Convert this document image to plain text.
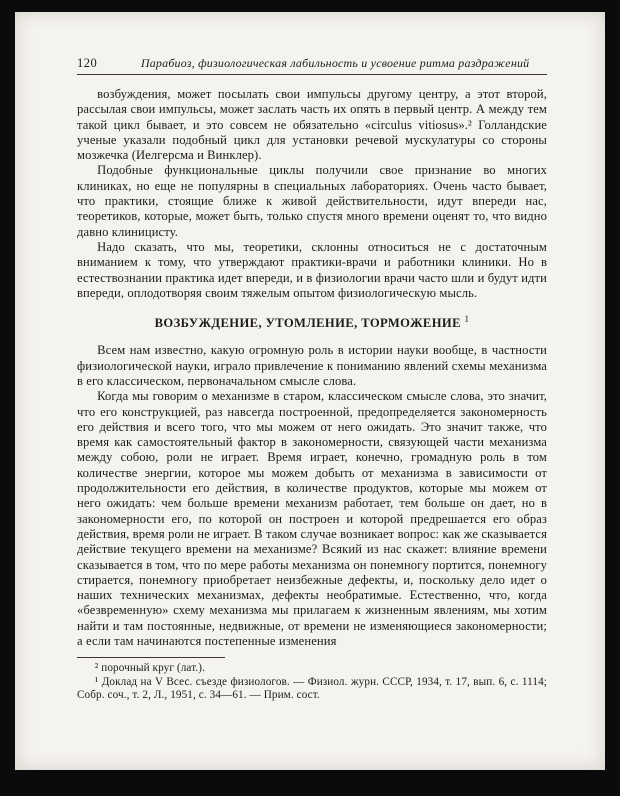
120	Парабиоз, физиологическая лабильность и усвоение ритма раздражений

возбуждения, может посылать свои импульсы другому центру, а этот второй, рассылая свои импульсы, может заслать часть их опять в первый центр. А между тем такой цикл бывает, и это совсем не обязательно «circulus vitiosus».² Голландские ученые указали подобный цикл для установки речевой мускулатуры со стороны мозжечка (Иелгерсма и Винклер).

Подобные функциональные циклы получили свое признание во многих клиниках, но еще не популярны в специальных лабораториях. Очень часто бывает, что практики, стоящие ближе к живой действительности, идут впереди нас, теоретиков, которые, может быть, только спустя много времени оценят то, что видно давно клиницисту.

Надо сказать, что мы, теоретики, склонны относиться не с достаточным вниманием к тому, что утверждают практики-врачи и работники клиники. Но в естествознании практика идет впереди, и в физиологии врачи часто шли и будут идти впереди, оплодотворяя своим тяжелым опытом физиологическую мысль.

ВОЗБУЖДЕНИЕ, УТОМЛЕНИЕ, ТОРМОЖЕНИЕ $^1$

Всем нам известно, какую огромную роль в истории науки вообще, в частности физиологической науки, играло привлечение к пониманию явлений схемы механизма в его классическом, первоначальном смысле слова.

Когда мы говорим о механизме в старом, классическом смысле слова, это значит, что его конструкцией, раз навсегда построенной, предопределяется закономерность его действия и всего того, что мы можем от него ожидать. Это значит также, что время как самостоятельный фактор в закономерности, связующей части механизма между собою, роли не играет. Время играет, конечно, громадную роль в том количестве энергии, которое мы можем добыть от механизма в зависимости от продолжительности его действия, в количестве продуктов, которые мы можем от него ожидать: чем больше времени механизм работает, тем больше он дает, но в закономерности его, по которой он построен и которой предрешается его образ действия, время роли не играет. В таком случае возникает вопрос: как же сказывается действие текущего времени на механизме? Всякий из нас скажет: влияние времени сказывается в том, что по мере работы механизма он понемногу портится, понемногу стирается, понемногу приобретает неизбежные дефекты, и, поскольку дело идет о наших технических механизмах, дефекты необратимые. Естественно, что, когда «безвременную» схему механизма мы прилагаем к жизненным явлениям, мы хотим найти и там постоянные, недвижные, от времени не изменяющиеся закономерности; а если там начинаются постепенные изменения

² порочный круг (лат.).

¹ Доклад на V Всес. съезде физиологов. — Физиол. журн. СССР, 1934, т. 17, вып. 6, с. 1114; Собр. соч., т. 2, Л., 1951, с. 34—61. — Прим. сост.
